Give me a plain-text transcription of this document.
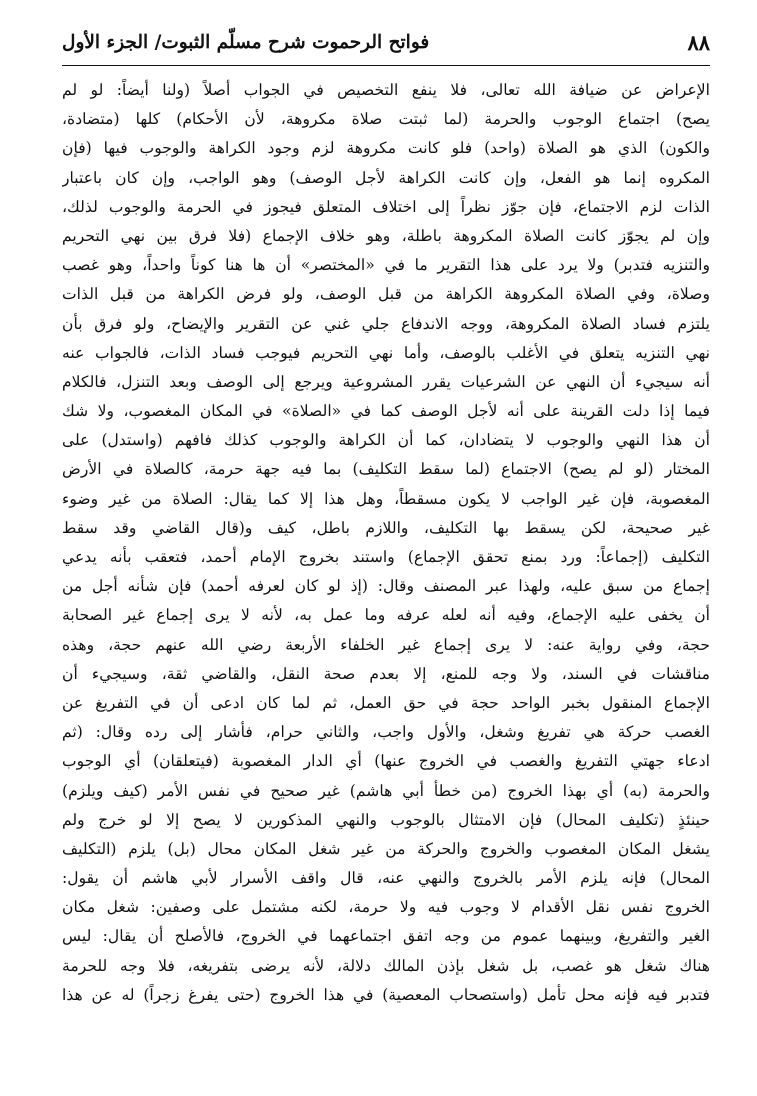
فواتح الرحموت شرح مسلّم الثبوت/ الجزء الأول	٨٨
الإعراض عن ضيافة الله تعالى، فلا ينفع التخصيص في الجواب أصلاً (ولنا أيضاً: لو لم
يصح) اجتماع الوجوب والحرمة (لما ثبتت صلاة مكروهة، لأن الأحكام) كلها (متضادة،
والكون) الذي هو الصلاة (واحد) فلو كانت مكروهة لزم وجود الكراهة والوجوب فيها (فإن
المكروه إنما هو الفعل، وإن كانت الكراهة لأجل الوصف) وهو الواجب، وإن كان باعتبار
الذات لزم الاجتماع، فإن جوّز نظراً إلى اختلاف المتعلق فيجوز في الحرمة والوجوب لذلك،
وإن لم يجوّز كانت الصلاة المكروهة باطلة، وهو خلاف الإجماع (فلا فرق بين نهي التحريم
والتنزيه فتدبر) ولا يرد على هذا التقرير ما في «المختصر» أن ها هنا كوناً واحداً، وهو غصب
وصلاة، وفي الصلاة المكروهة الكراهة من قبل الوصف، ولو فرض الكراهة من قبل الذات
يلتزم فساد الصلاة المكروهة، ووجه الاندفاع جلي غني عن التقرير والإيضاح، ولو فرق بأن
نهي التنزيه يتعلق في الأغلب بالوصف، وأما نهي التحريم فيوجب فساد الذات، فالجواب عنه
أنه سيجيء أن النهي عن الشرعيات يقرر المشروعية ويرجع إلى الوصف وبعد التنزل، فالكلام
فيما إذا دلت القرينة على أنه لأجل الوصف كما في «الصلاة» في المكان المغصوب، ولا شك
أن هذا النهي والوجوب لا يتضادان، كما أن الكراهة والوجوب كذلك فافهم (واستدل) على
المختار (لو لم يصح) الاجتماع (لما سقط التكليف) بما فيه جهة حرمة، كالصلاة في الأرض
المغصوبة، فإن غير الواجب لا يكون مسقطاً، وهل هذا إلا كما يقال: الصلاة من غير وضوء
غير صحيحة، لكن يسقط بها التكليف، واللازم باطل، كيف و(قال القاضي وقد سقط
التكليف (إجماعاً: ورد بمنع تحقق الإجماع) واستند بخروج الإمام أحمد، فتعقب بأنه يدعي
إجماع من سبق عليه، ولهذا عبر المصنف وقال: (إذ لو كان لعرفه أحمد) فإن شأنه أجل من
أن يخفى عليه الإجماع، وفيه أنه لعله عرفه وما عمل به، لأنه لا يرى إجماع غير الصحابة
حجة، وفي رواية عنه: لا يرى إجماع غير الخلفاء الأربعة رضي الله عنهم حجة، وهذه
مناقشات في السند، ولا وجه للمنع، إلا بعدم صحة النقل، والقاضي ثقة، وسيجيء أن
الإجماع المنقول بخبر الواحد حجة في حق العمل، ثم لما كان ادعى أن في التفريغ عن
الغصب حركة هي تفريغ وشغل، والأول واجب، والثاني حرام، فأشار إلى رده وقال: (ثم
ادعاء جهتي التفريغ والغصب في الخروج عنها) أي الدار المغصوبة (فيتعلقان) أي الوجوب
والحرمة (به) أي بهذا الخروج (من خطأ أبي هاشم) غير صحيح في نفس الأمر (كيف ويلزم)
حينئذٍ (تكليف المحال) فإن الامتثال بالوجوب والنهي المذكورين لا يصح إلا لو خرج ولم
يشغل المكان المغصوب والخروج والحركة من غير شغل المكان محال (بل) يلزم (التكليف
المحال) فإنه يلزم الأمر بالخروج والنهي عنه، قال واقف الأسرار لأبي هاشم أن يقول:
الخروج نفس نقل الأقدام لا وجوب فيه ولا حرمة، لكنه مشتمل على وصفين: شغل مكان
الغير والتفريغ، وبينهما عموم من وجه اتفق اجتماعهما في الخروج، فالأصلح أن يقال: ليس
هناك شغل هو غصب، بل شغل بإذن المالك دلالة، لأنه يرضى بتفريغه، فلا وجه للحرمة
فتدبر فيه فإنه محل تأمل (واستصحاب المعصية) في هذا الخروج (حتى يفرغ زجراً) له عن هذا
